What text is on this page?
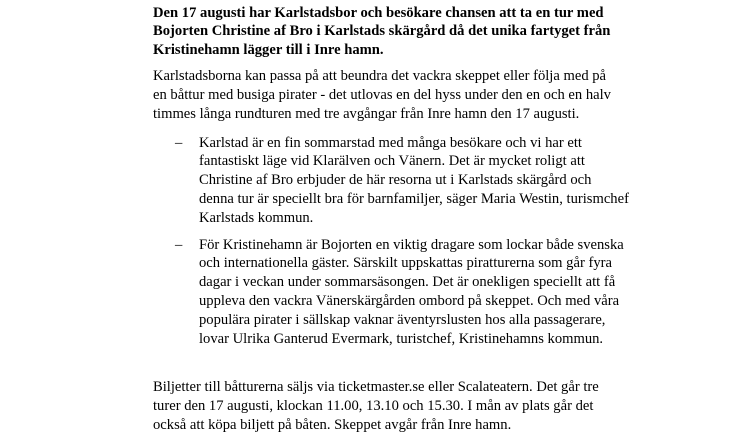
Den 17 augusti har Karlstadsbor och besökare chansen att ta en tur med Bojorten Christine af Bro i Karlstads skärgård då det unika fartyget från Kristinehamn lägger till i Inre hamn.

Karlstadsborna kan passa på att beundra det vackra skeppet eller följa med på en båttur med busiga pirater - det utlovas en del hyss under den en och en halv timmes långa rundturen med tre avgångar från Inre hamn den 17 augusti.

– Karlstad är en fin sommarstad med många besökare och vi har ett fantastiskt läge vid Klarälven och Vänern. Det är mycket roligt att Christine af Bro erbjuder de här resorna ut i Karlstads skärgård och denna tur är speciellt bra för barnfamiljer, säger Maria Westin, turismchef Karlstads kommun.
– För Kristinehamn är Bojorten en viktig dragare som lockar både svenska och internationella gäster. Särskilt uppskattas piratturerna som går fyra dagar i veckan under sommarsäsongen. Det är onekligen speciellt att få uppleva den vackra Vänerskärgården ombord på skeppet. Och med våra populära pirater i sällskap vaknar äventyrslusten hos alla passagerare, lovar Ulrika Ganterud Evermark, turistchef, Kristinehamns kommun.

Biljetter till båtturerna säljs via ticketmaster.se eller Scalateatern. Det går tre turer den 17 augusti, klockan 11.00, 13.10 och 15.30. I mån av plats går det också att köpa biljett på båten. Skeppet avgår från Inre hamn.
